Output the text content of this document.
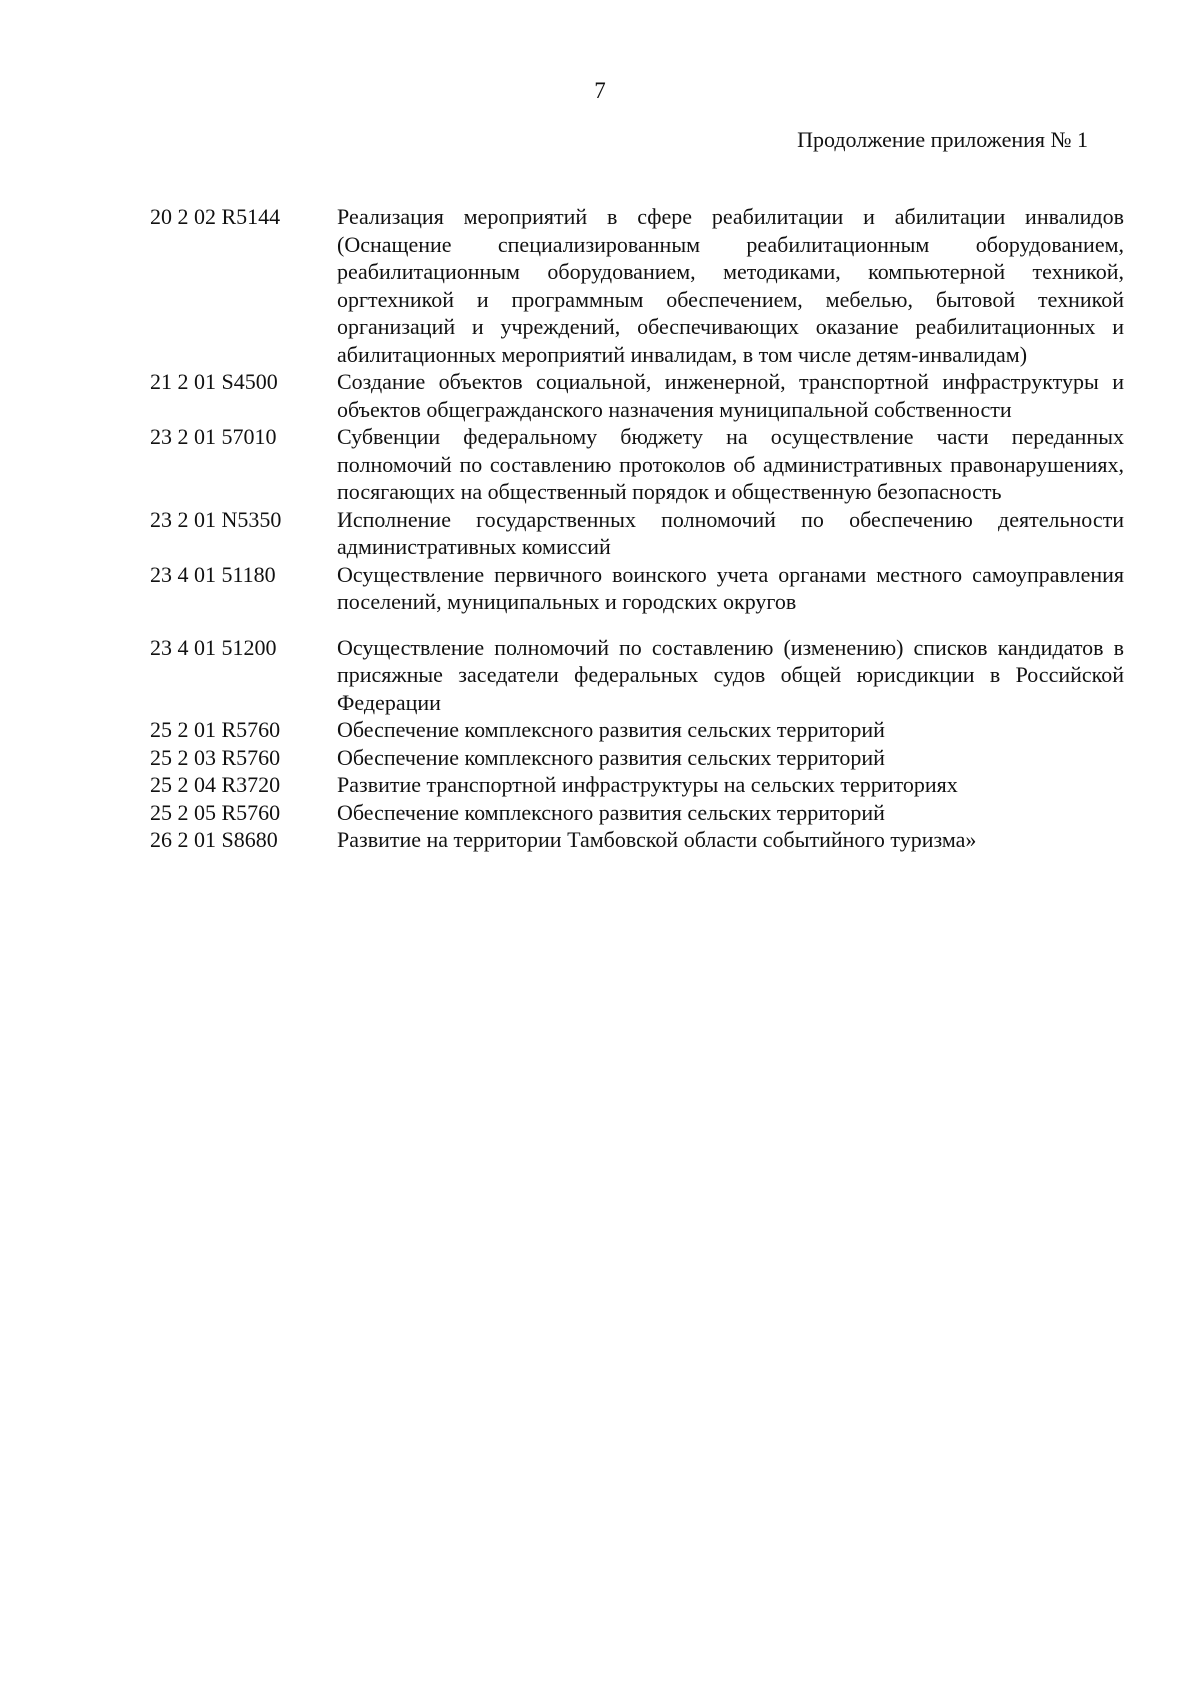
7
Продолжение приложения № 1
20 2 02 R5144	Реализация мероприятий в сфере реабилитации и абилитации инвалидов (Оснащение специализированным реабилитационным оборудованием, реабилитационным оборудованием, методиками, компьютерной техникой, оргтехникой и программным обеспечением, мебелью, бытовой техникой организаций и учреждений, обеспечивающих оказание реабилитационных и абилитационных мероприятий инвалидам, в том числе детям-инвалидам)
21 2 01 S4500	Создание объектов социальной, инженерной, транспортной инфраструктуры и объектов общегражданского назначения муниципальной собственности
23 2 01 57010	Субвенции федеральному бюджету на осуществление части переданных полномочий по составлению протоколов об административных правонарушениях, посягающих на общественный порядок и общественную безопасность
23 2 01 N5350	Исполнение государственных полномочий по обеспечению деятельности административных комиссий
23 4 01 51180	Осуществление первичного воинского учета органами местного самоуправления поселений, муниципальных и городских округов
23 4 01 51200	Осуществление полномочий по составлению (изменению) списков кандидатов в присяжные заседатели федеральных судов общей юрисдикции в Российской Федерации
25 2 01 R5760	Обеспечение комплексного развития сельских территорий
25 2 03 R5760	Обеспечение комплексного развития сельских территорий
25 2 04 R3720	Развитие транспортной инфраструктуры на сельских территориях
25 2 05 R5760	Обеспечение комплексного развития сельских территорий
26 2 01 S8680	Развитие на территории Тамбовской области событийного туризма»
